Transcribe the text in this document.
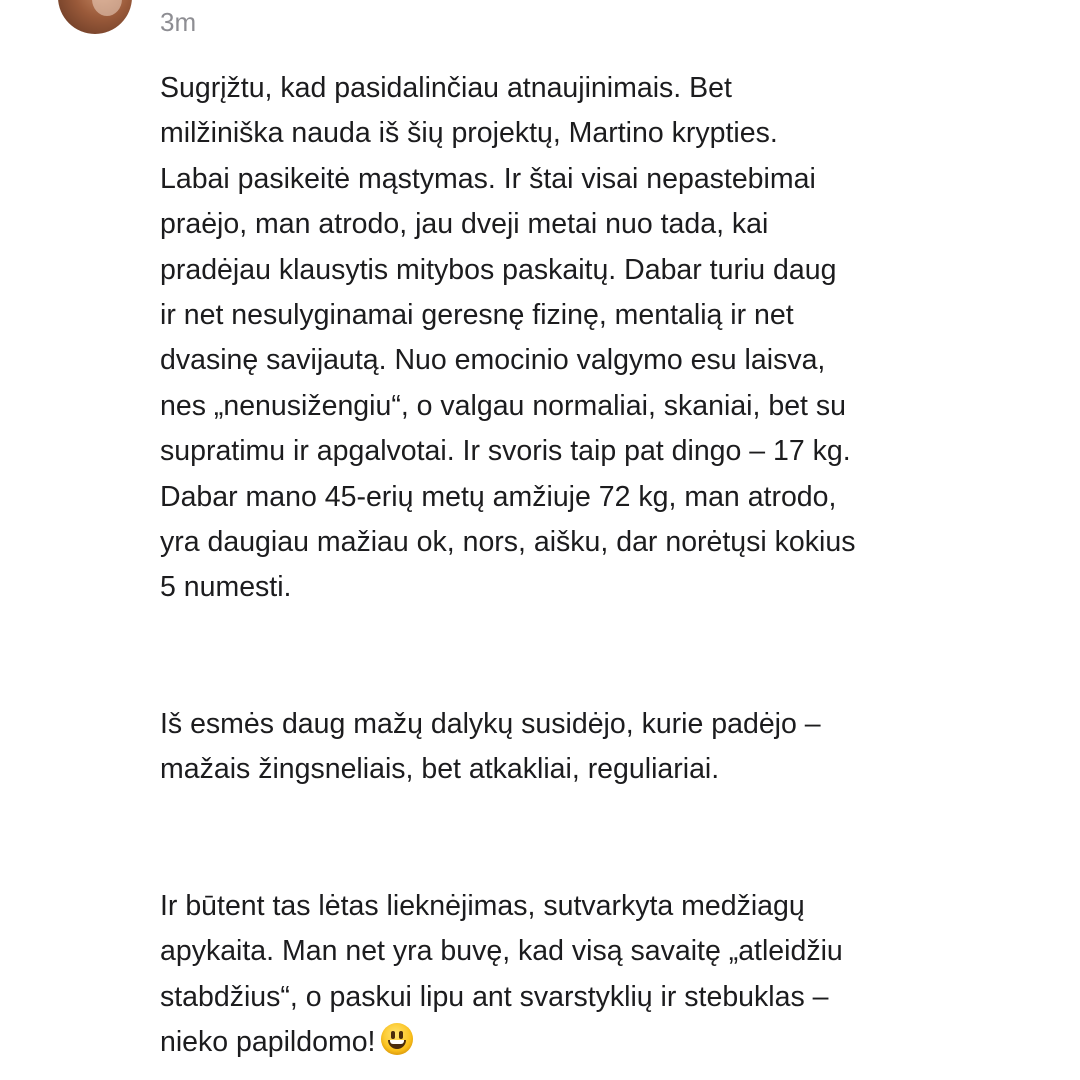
3m
Sugrįžtu, kad pasidalinčiau atnaujinimais. Bet
milžiniška nauda iš šių projektų, Martino krypties.
Labai pasikeitė mąstymas. Ir štai visai nepastebimai
praėjo, man atrodo, jau dveji metai nuo tada, kai
pradėjau klausytis mitybos paskaitų. Dabar turiu daug
ir net nesulyginamai geresnę fizinę, mentalią ir net
dvasinę savijautą. Nuo emocinio valgymo esu laisva,
nes „nenusižengiu“, o valgau normaliai, skaniai, bet su
supratimu ir apgalvotai. Ir svoris taip pat dingo – 17 kg.
Dabar mano 45-erių metų amžiuje 72 kg, man atrodo,
yra daugiau mažiau ok, nors, aišku, dar norėtųsi kokius
5 numesti.
Iš esmės daug mažų dalykų susidėjo, kurie padėjo –
mažais žingsneliais, bet atkakliai, reguliariai.
Ir būtent tas lėtas lieknėjimas, sutvarkyta medžiagų
apykaita. Man net yra buvę, kad visą savaitę „atleidžiu
stabdžius“, o paskui lipu ant svarstyklių ir stebuklas –
nieko papildomo!
